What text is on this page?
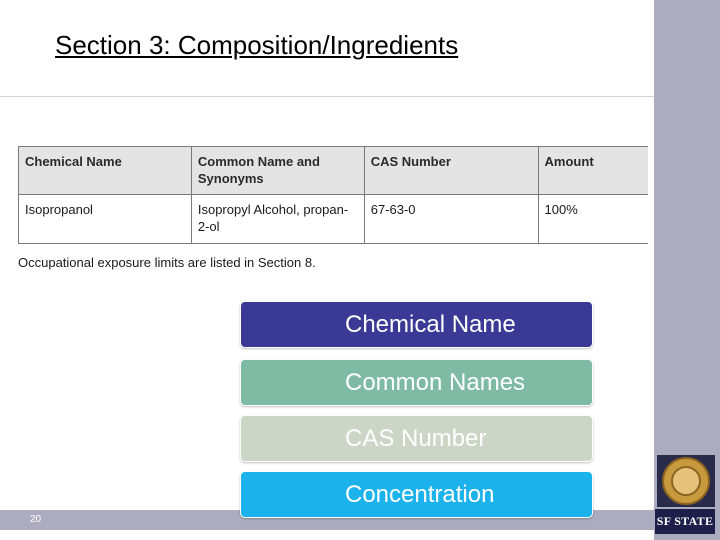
Section 3: Composition/Ingredients
Chemical Name	Common Name and Synonyms	CAS Number	Amount
Isopropanol	Isopropyl Alcohol, propan-2-ol	67-63-0	100%
Occupational exposure limits are listed in Section 8.
Chemical Name
Common Names
CAS Number
20
Concentration
SF STATE
